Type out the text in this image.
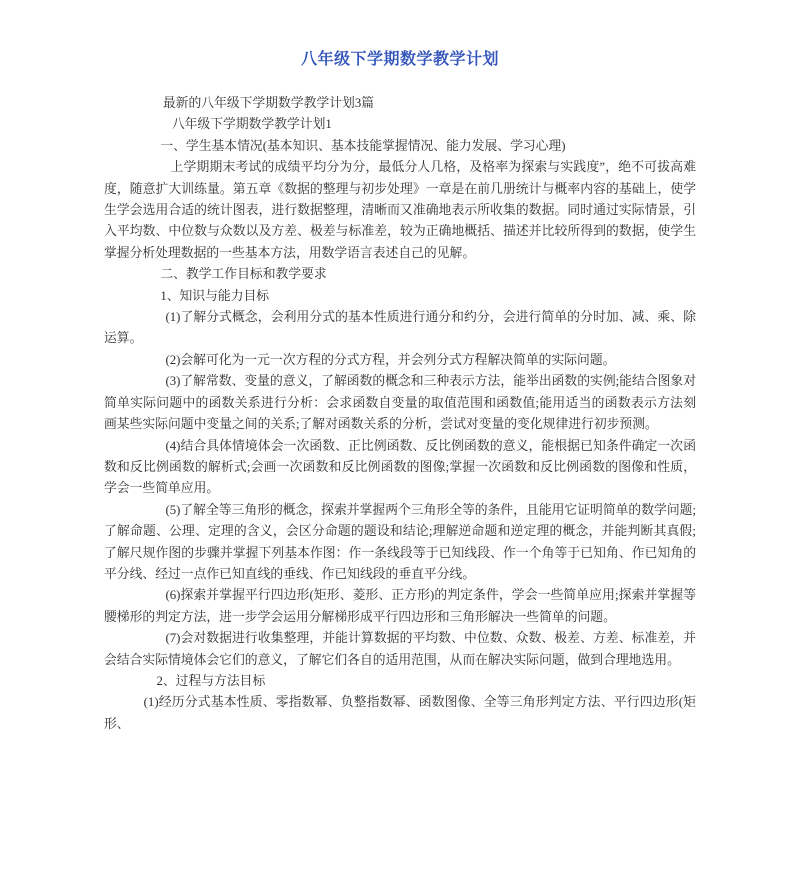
八年级下学期数学教学计划

最新的八年级下学期数学教学计划3篇

八年级下学期数学教学计划1

一、学生基本情况(基本知识、基本技能掌握情况、能力发展、学习心理)

上学期期末考试的成绩平均分为分，最低分人几格，及格率为探索与实践度”，绝不可拔高难度，随意扩大训练量。第五章《数据的整理与初步处理》一章是在前几册统计与概率内容的基础上，使学生学会选用合适的统计图表，进行数据整理，清晰而又准确地表示所收集的数据。同时通过实际情景，引入平均数、中位数与众数以及方差、极差与标准差，较为正确地概括、描述并比较所得到的数据，使学生掌握分析处理数据的一些基本方法，用数学语言表述自己的见解。

二、教学工作目标和教学要求

1、知识与能力目标

(1)了解分式概念，会利用分式的基本性质进行通分和约分，会进行简单的分时加、减、乘、除运算。

(2)会解可化为一元一次方程的分式方程，并会列分式方程解决简单的实际问题。

(3)了解常数、变量的意义，了解函数的概念和三种表示方法，能举出函数的实例;能结合图象对简单实际问题中的函数关系进行分析：会求函数自变量的取值范围和函数值;能用适当的函数表示方法刻画某些实际问题中变量之间的关系;了解对函数关系的分析，尝试对变量的变化规律进行初步预测。

(4)结合具体情境体会一次函数、正比例函数、反比例函数的意义，能根据已知条件确定一次函数和反比例函数的解析式;会画一次函数和反比例函数的图像;掌握一次函数和反比例函数的图像和性质，学会一些简单应用。

(5)了解全等三角形的概念，探索并掌握两个三角形全等的条件，且能用它证明简单的数学问题;了解命题、公理、定理的含义，会区分命题的题设和结论;理解逆命题和逆定理的概念，并能判断其真假;了解尺规作图的步骤并掌握下列基本作图：作一条线段等于已知线段、作一个角等于已知角、作已知角的平分线、经过一点作已知直线的垂线、作已知线段的垂直平分线。

(6)探索并掌握平行四边形(矩形、菱形、正方形)的判定条件，学会一些简单应用;探索并掌握等腰梯形的判定方法，进一步学会运用分解梯形成平行四边形和三角形解决一些简单的问题。

(7)会对数据进行收集整理，并能计算数据的平均数、中位数、众数、极差、方差、标准差，并会结合实际情境体会它们的意义，了解它们各自的适用范围，从而在解决实际问题，做到合理地选用。

2、过程与方法目标

(1)经历分式基本性质、零指数幂、负整指数幂、函数图像、全等三角形判定方法、平行四边形(矩形、
